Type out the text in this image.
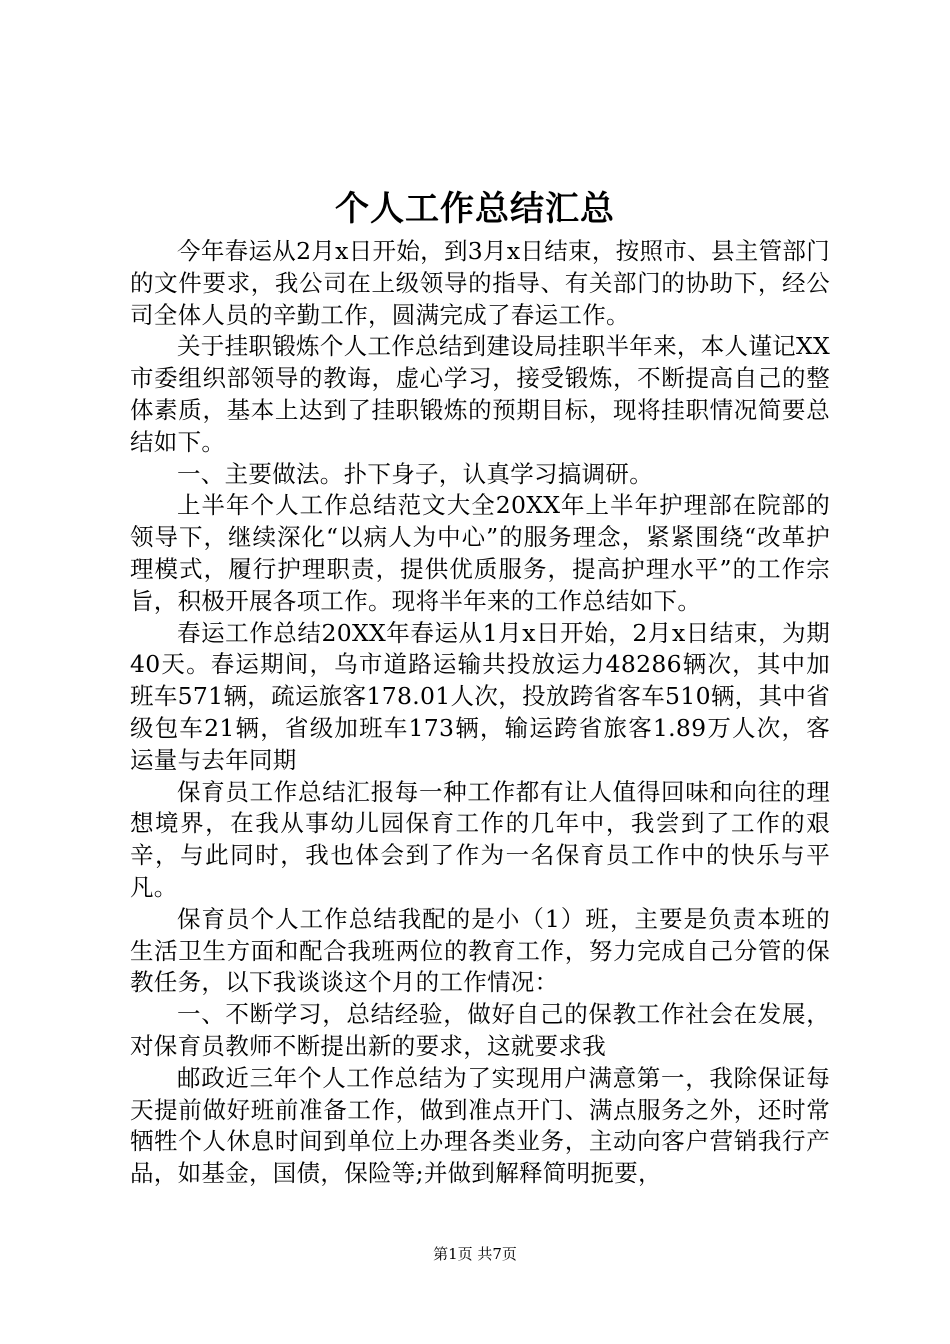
个人工作总结汇总

今年春运从2月x日开始，到3月x日结束，按照市、县主管部门的文件要求，我公司在上级领导的指导、有关部门的协助下，经公司全体人员的辛勤工作，圆满完成了春运工作。

关于挂职锻炼个人工作总结到建设局挂职半年来，本人谨记XX市委组织部领导的教诲，虚心学习，接受锻炼，不断提高自己的整体素质，基本上达到了挂职锻炼的预期目标，现将挂职情况简要总结如下。

一、主要做法。扑下身子，认真学习搞调研。

上半年个人工作总结范文大全20XX年上半年护理部在院部的领导下，继续深化“以病人为中心”的服务理念，紧紧围绕“改革护理模式，履行护理职责，提供优质服务，提高护理水平”的工作宗旨，积极开展各项工作。现将半年来的工作总结如下。

春运工作总结20XX年春运从1月x日开始，2月x日结束，为期40天。春运期间，乌市道路运输共投放运力48286辆次，其中加班车571辆，疏运旅客178.01人次，投放跨省客车510辆，其中省级包车21辆，省级加班车173辆，输运跨省旅客1.89万人次，客运量与去年同期

保育员工作总结汇报每一种工作都有让人值得回味和向往的理想境界，在我从事幼儿园保育工作的几年中，我尝到了工作的艰辛，与此同时，我也体会到了作为一名保育员工作中的快乐与平凡。

保育员个人工作总结我配的是小（1）班，主要是负责本班的生活卫生方面和配合我班两位的教育工作，努力完成自己分管的保教任务，以下我谈谈这个月的工作情况：

一、不断学习，总结经验，做好自己的保教工作社会在发展，对保育员教师不断提出新的要求，这就要求我

邮政近三年个人工作总结为了实现用户满意第一，我除保证每天提前做好班前准备工作，做到准点开门、满点服务之外，还时常牺牲个人休息时间到单位上办理各类业务，主动向客户营销我行产品，如基金，国债，保险等;并做到解释简明扼要，

第1页 共7页
